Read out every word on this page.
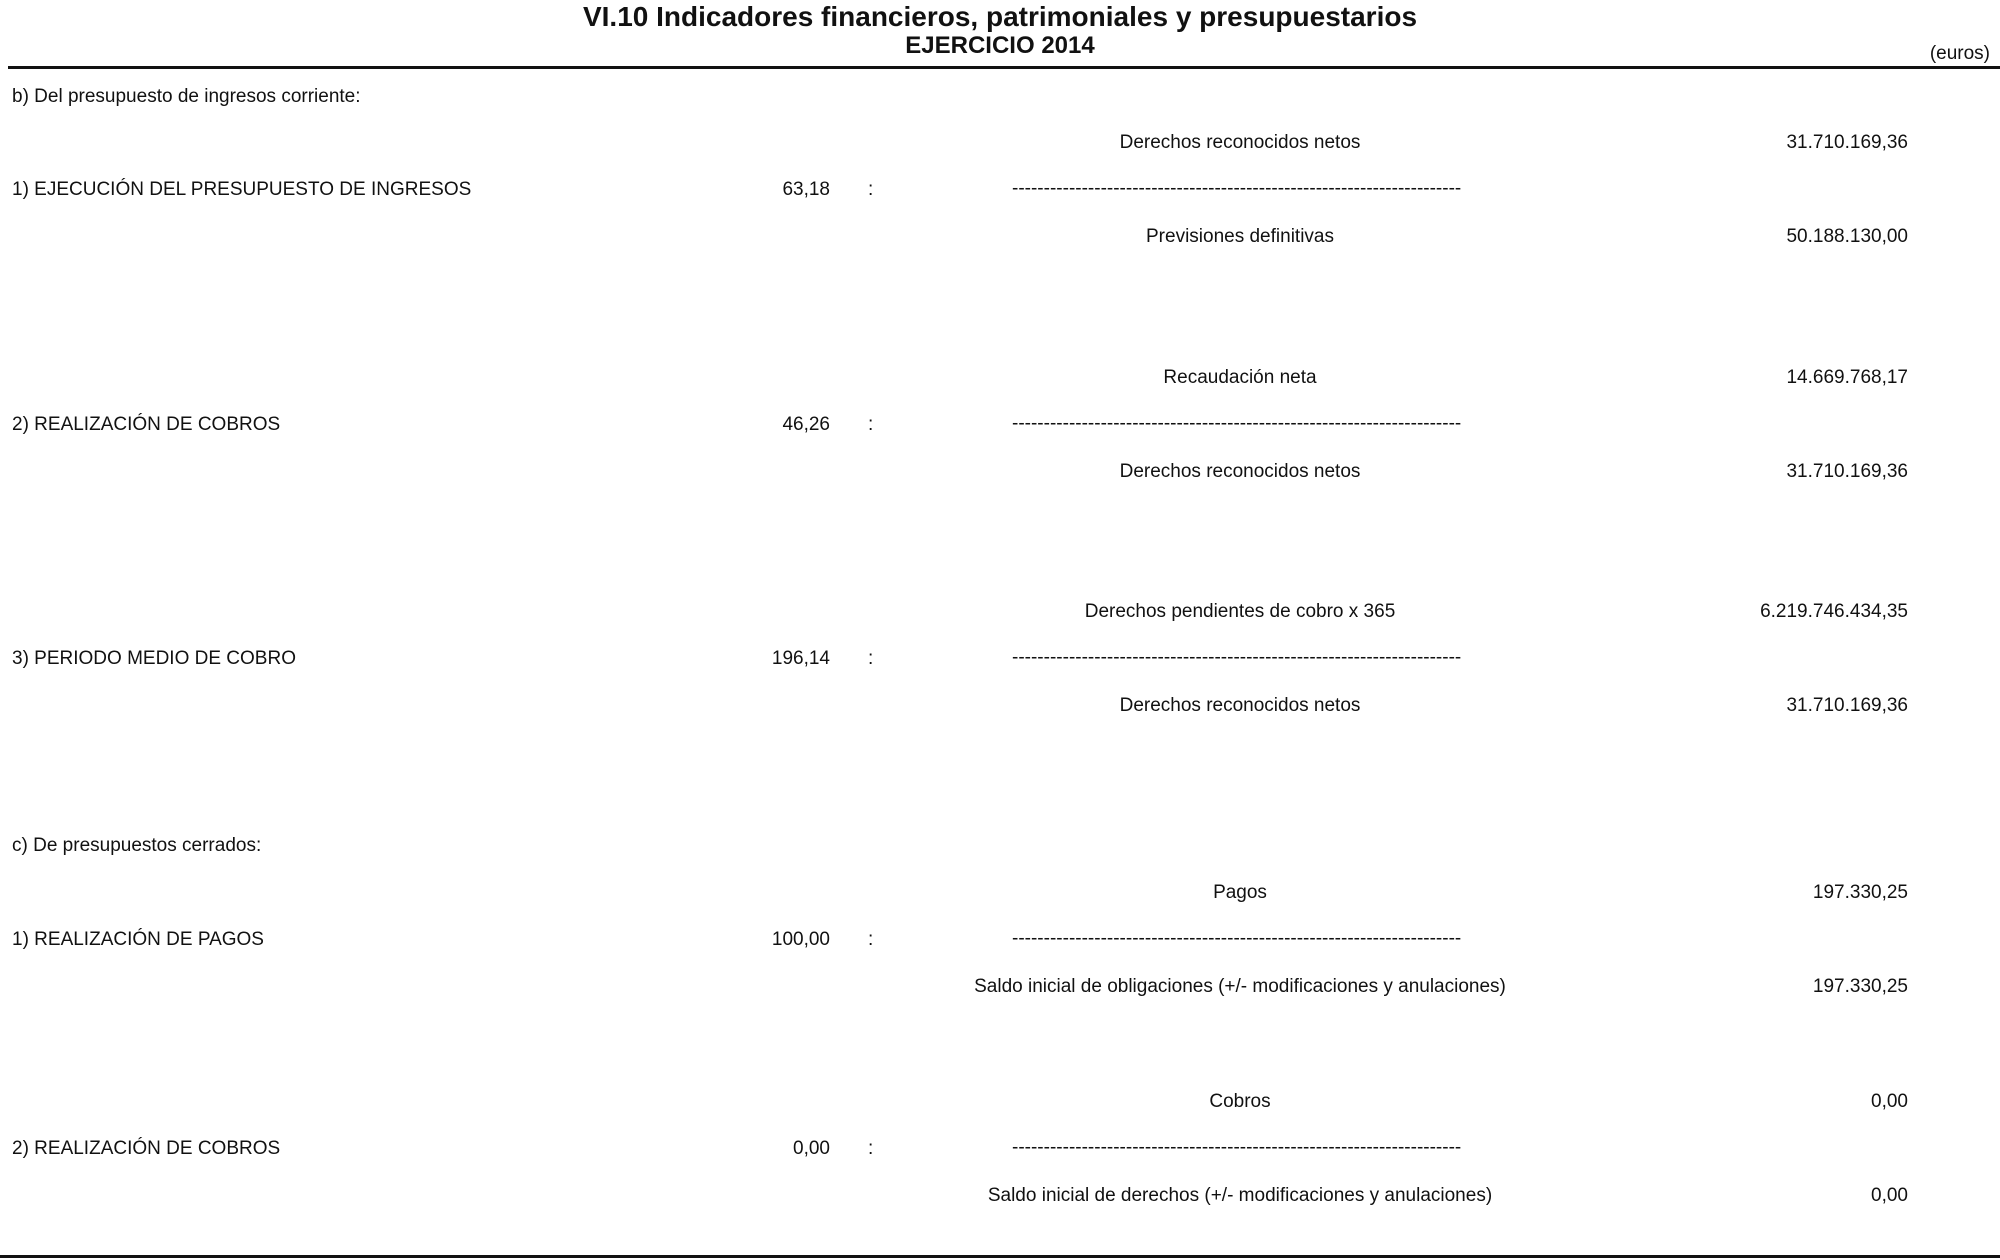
VI.10 Indicadores financieros, patrimoniales y presupuestarios
EJERCICIO 2014	(euros)
b) Del presupuesto de ingresos corriente:
Derechos reconocidos netos	31.710.169,36
1) EJECUCIÓN DEL PRESUPUESTO DE INGRESOS	63,18 :	-----------------------------------------------------------------------
Previsiones definitivas	50.188.130,00
Recaudación neta	14.669.768,17
2) REALIZACIÓN DE COBROS	46,26 :	-----------------------------------------------------------------------
Derechos reconocidos netos	31.710.169,36
Derechos pendientes de cobro x 365	6.219.746.434,35
3) PERIODO MEDIO DE COBRO	196,14 :	-----------------------------------------------------------------------
Derechos reconocidos netos	31.710.169,36
c) De presupuestos cerrados:
Pagos	197.330,25
1) REALIZACIÓN DE PAGOS	100,00 :	-----------------------------------------------------------------------
Saldo inicial de obligaciones (+/- modificaciones y anulaciones)	197.330,25
Cobros	0,00
2) REALIZACIÓN DE COBROS	0,00 :	-----------------------------------------------------------------------
Saldo inicial de derechos (+/- modificaciones y anulaciones)	0,00
